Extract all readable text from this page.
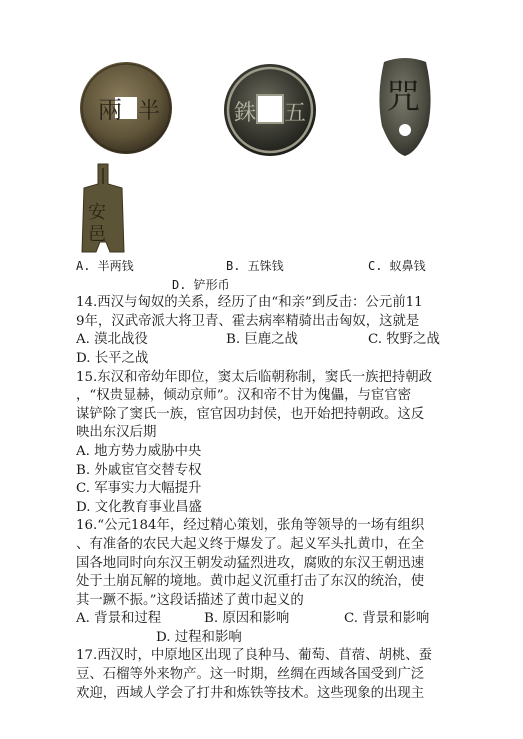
兩 半	銖 五 咒
安
邑
A. 半两钱	B. 五铢钱	C. 蚁鼻钱
D. 铲形币
14.西汉与匈奴的关系，经历了由“和亲”到反击：公元前11
9年，汉武帝派大将卫青、霍去病率精骑出击匈奴，这就是
A. 漠北战役	B. 巨鹿之战	C. 牧野之战
D. 长平之战
15.东汉和帝幼年即位，窦太后临朝称制，窦氏一族把持朝政
，“权贵显赫，倾动京师”。汉和帝不甘为傀儡，与宦官密
谋铲除了窦氏一族，宦官因功封侯，也开始把持朝政。这反
映出东汉后期
A. 地方势力威胁中央
B. 外戚宦官交替专权
C. 军事实力大幅提升
D. 文化教育事业昌盛
16.“公元184年，经过精心策划，张角等领导的一场有组织
、有准备的农民大起义终于爆发了。起义军头扎黄巾，在全
国各地同时向东汉王朝发动猛烈进攻，腐败的东汉王朝迅速
处于土崩瓦解的境地。黄巾起义沉重打击了东汉的统治，使
其一蹶不振。”这段话描述了黄巾起义的
A. 背景和过程	B. 原因和影响	C. 背景和影响
D. 过程和影响
17.西汉时，中原地区出现了良种马、葡萄、苜蓿、胡桃、蚕
豆、石榴等外来物产。这一时期，丝绸在西域各国受到广泛
欢迎，西域人学会了打井和炼铁等技术。这些现象的出现主
